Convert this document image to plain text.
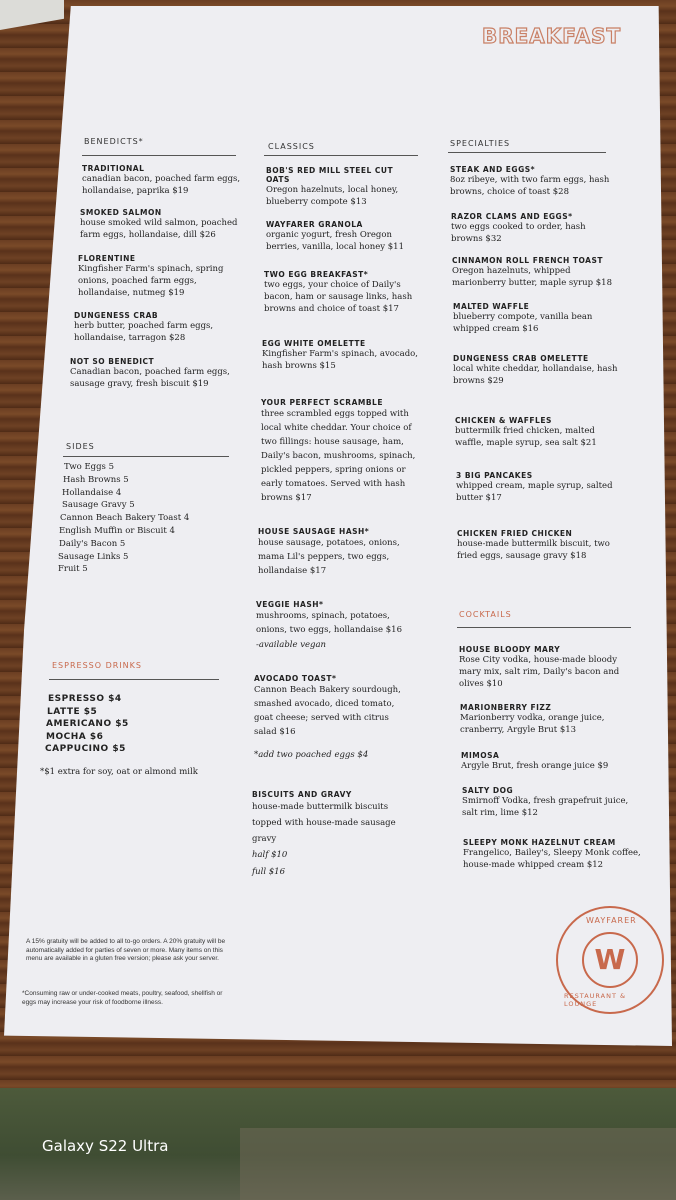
BREAKFAST
BENEDICTS*
TRADITIONAL
canadian bacon, poached farm eggs, hollandaise, paprika $19
SMOKED SALMON
house smoked wild salmon, poached farm eggs, hollandaise, dill $26
FLORENTINE
Kingfisher Farm's spinach, spring onions, poached farm eggs, hollandaise, nutmeg $19
DUNGENESS CRAB
herb butter, poached farm eggs, hollandaise, tarragon $28
NOT SO BENEDICT
Canadian bacon, poached farm eggs, sausage gravy, fresh biscuit $19
SIDES
Two Eggs 5
Hash Browns 5
Hollandaise 4
Sausage Gravy 5
Cannon Beach Bakery Toast 4
English Muffin or Biscuit 4
Daily's Bacon 5
Sausage Links 5
Fruit 5
ESPRESSO DRINKS
ESPRESSO $4
LATTE $5
AMERICANO $5
MOCHA $6
CAPPUCINO $5
*$1 extra for soy, oat or almond milk
A 15% gratuity will be added to all to-go orders. A 20% gratuity will be automatically added for parties of seven or more. Many items on this menu are available in a gluten free version; please ask your server.
*Consuming raw or under-cooked meats, poultry, seafood, shellfish or eggs may increase your risk of foodborne illness.
CLASSICS
BOB'S RED MILL STEEL CUT OATS
Oregon hazelnuts, local honey, blueberry compote $13
WAYFARER GRANOLA
organic yogurt, fresh Oregon berries, vanilla, local honey $11
TWO EGG BREAKFAST*
two eggs, your choice of Daily's bacon, ham or sausage links, hash browns and choice of toast $17
EGG WHITE OMELETTE
Kingfisher Farm's spinach, avocado, hash browns $15
YOUR PERFECT SCRAMBLE
three scrambled eggs topped with local white cheddar. Your choice of two fillings: house sausage, ham, Daily's bacon, mushrooms, spinach, pickled peppers, spring onions or early tomatoes. Served with hash browns $17
HOUSE SAUSAGE HASH*
house sausage, potatoes, onions, mama Lil's peppers, two eggs, hollandaise $17
VEGGIE HASH*
mushrooms, spinach, potatoes, onions, two eggs, hollandaise $16
-available vegan
AVOCADO TOAST*
Cannon Beach Bakery sourdough, smashed avocado, diced tomato, goat cheese; served with citrus salad $16
*add two poached eggs $4
BISCUITS AND GRAVY
house-made buttermilk biscuits topped with house-made sausage gravy
half $10
full $16
SPECIALTIES
STEAK AND EGGS*
8oz ribeye, with two farm eggs, hash browns, choice of toast $28
RAZOR CLAMS AND EGGS*
two eggs cooked to order, hash browns $32
CINNAMON ROLL FRENCH TOAST
Oregon hazelnuts, whipped marionberry butter, maple syrup $18
MALTED WAFFLE
blueberry compote, vanilla bean whipped cream $16
DUNGENESS CRAB OMELETTE
local white cheddar, hollandaise, hash browns $29
CHICKEN & WAFFLES
buttermilk fried chicken, malted waffle, maple syrup, sea salt $21
3 BIG PANCAKES
whipped cream, maple syrup, salted butter $17
CHICKEN FRIED CHICKEN
house-made buttermilk biscuit, two fried eggs, sausage gravy $18
COCKTAILS
HOUSE BLOODY MARY
Rose City vodka, house-made bloody mary mix, salt rim, Daily's bacon and olives $10
MARIONBERRY FIZZ
Marionberry vodka, orange juice, cranberry, Argyle Brut $13
MIMOSA
Argyle Brut, fresh orange juice $9
SALTY DOG
Smirnoff Vodka, fresh grapefruit juice, salt rim, lime $12
SLEEPY MONK HAZELNUT CREAM
Frangelico, Bailey's, Sleepy Monk coffee, house-made whipped cream $12
WAYFARER
W
RESTAURANT & LOUNGE
Galaxy S22 Ultra
